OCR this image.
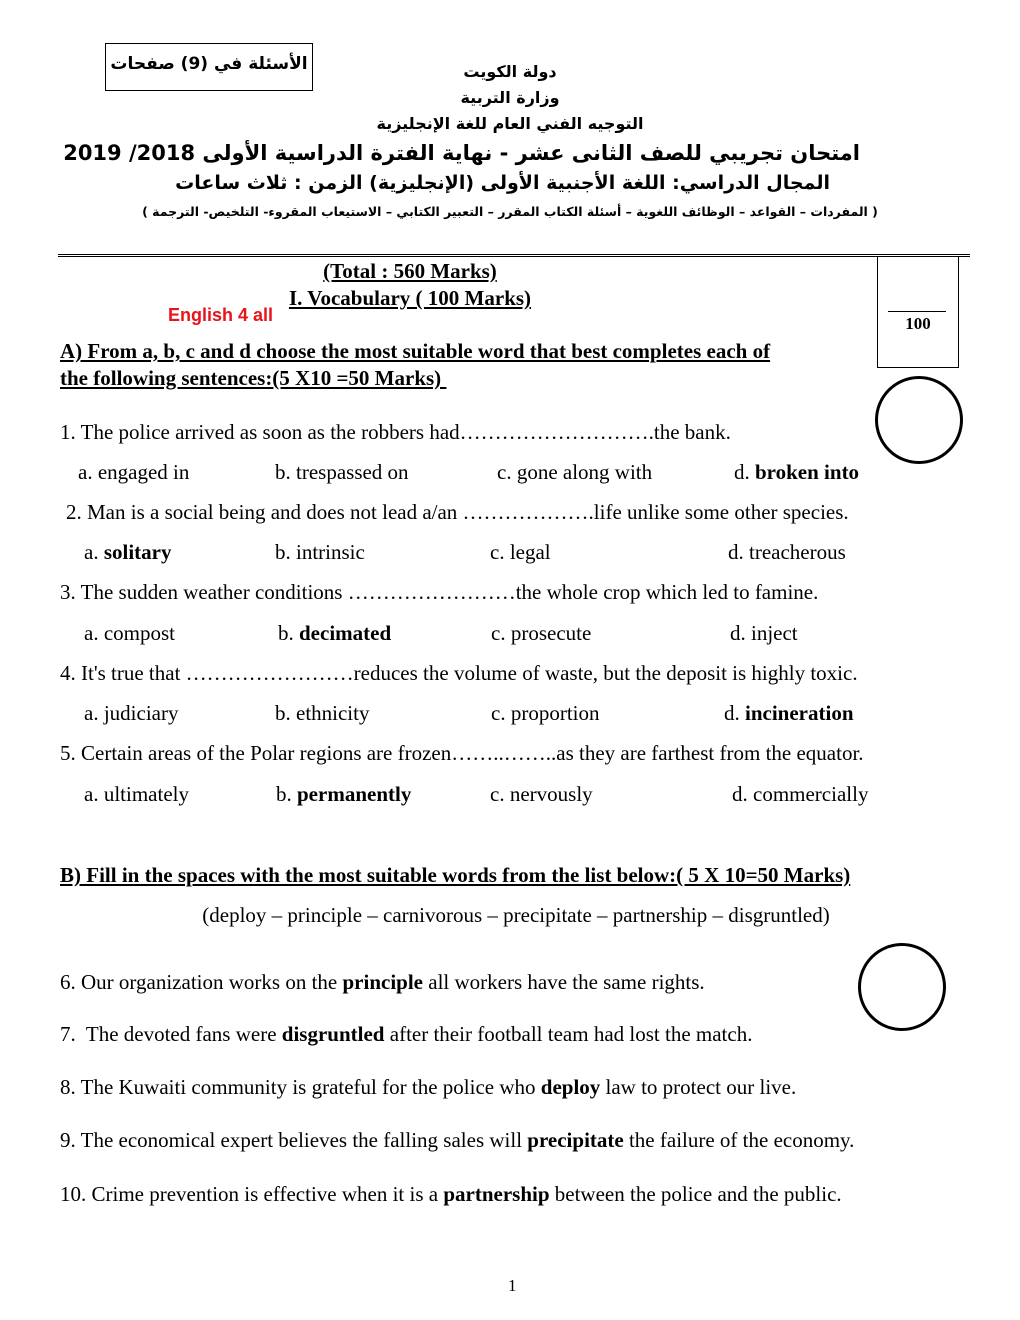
الأسئلة في (9) صفحات	دولة الكويت
وزارة التربية
التوجيه الفني العام للغة الإنجليزية
امتحان تجريبي للصف الثانى عشر - نهاية الفترة الدراسية الأولى 2018/ 2019
المجال الدراسي: اللغة الأجنبية الأولى (الإنجليزية) الزمن : ثلاث ساعات
( المفردات – القواعد – الوظائف اللغوية – أسئلة الكتاب المقرر – التعبير الكتابي – الاستيعاب المقروء- التلخيص- الترجمة )
(Total : 560 Marks)
I. Vocabulary ( 100 Marks)
English 4 all	100
A) From a, b, c and d choose the most suitable word that best completes each of
the following sentences:(5 X10 =50 Marks)
1. The police arrived as soon as the robbers had……………………….the bank.
a. engaged in	b. trespassed on	c. gone along with	d. broken into
2. Man is a social being and does not lead a/an ……………….life unlike some other species.
a. solitary	b. intrinsic	c. legal	d. treacherous
3. The sudden weather conditions ……………………the whole crop which led to famine.
a. compost	b. decimated	c. prosecute	d. inject
4. It's true that ……………………reduces the volume of waste, but the deposit is highly toxic.
a. judiciary	b. ethnicity	c. proportion	d. incineration
5. Certain areas of the Polar regions are frozen……..……..as they are farthest from the equator.
a. ultimately	b. permanently	c. nervously	d. commercially
B) Fill in the spaces with the most suitable words from the list below:( 5 X 10=50 Marks)
(deploy – principle – carnivorous – precipitate – partnership – disgruntled)
6. Our organization works on the principle all workers have the same rights.
7.  The devoted fans were disgruntled after their football team had lost the match.
8. The Kuwaiti community is grateful for the police who deploy law to protect our live.
9. The economical expert believes the falling sales will precipitate the failure of the economy.
10. Crime prevention is effective when it is a partnership between the police and the public.
1
